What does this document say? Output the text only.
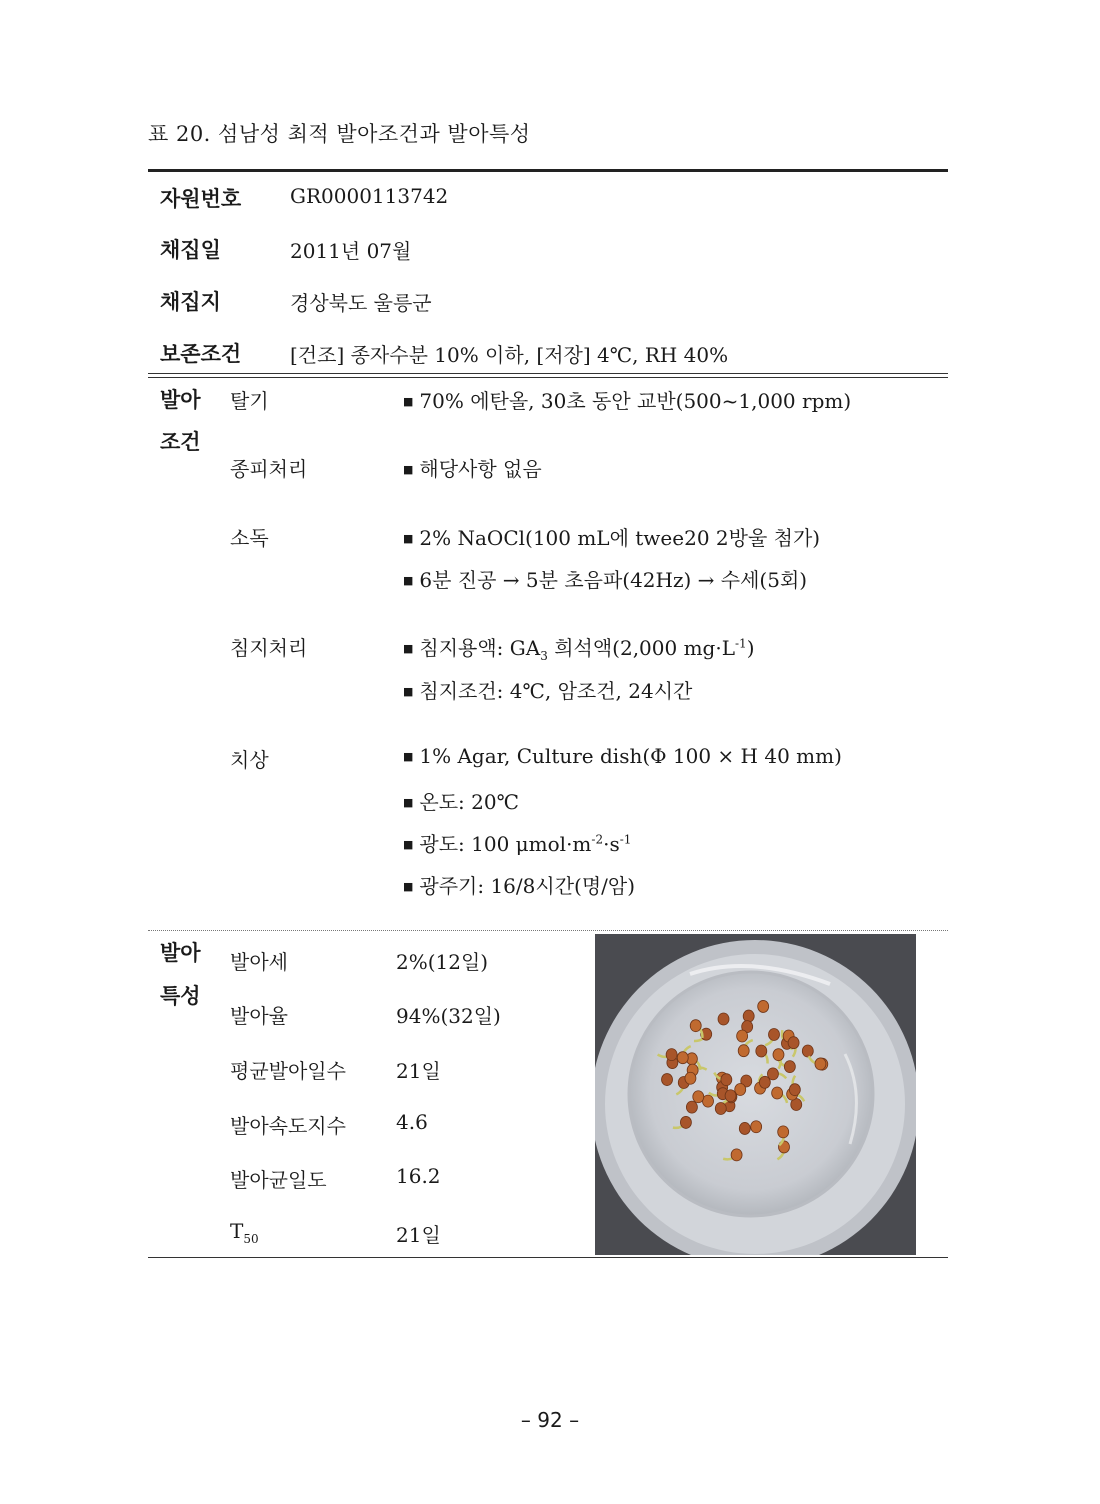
표 20. 섬남성 최적 발아조건과 발아특성
자원번호 GR0000113742
채집일	2011년 07월
채집지	경상북도 울릉군
보존조건 [건조] 종자수분 10% 이하, [저장] 4℃, RH 40%
발아
조건
탈기	■ 70% 에탄올, 30초 동안 교반(500~1,000 rpm)
종피처리	■ 해당사항 없음
소독	■ 2% NaOCl(100 mL에 twee20 2방울 첨가)
■ 6분 진공 → 5분 초음파(42Hz) → 수세(5회)
침지처리	■ 침지용액: $GA_3$ 희석액(2,000 $mg\cdot L^{-1}$)
■ 침지조건: 4℃, 암조건, 24시간
치상	■ 1% Agar, Culture dish(Φ 100 × H 40 mm)
■ 온도: 20℃
■ 광도: 100 $\mu mol\cdot m^{-2}\cdot s^{-1}$
■ 광주기: 16/8시간(명/암)
발아
특성
발아세	2%(12일)
발아율	94%(32일)
평균발아일수	21일
발아속도지수	4.6
발아균일도	16.2
$T_{50}$	21일
– 92 –
